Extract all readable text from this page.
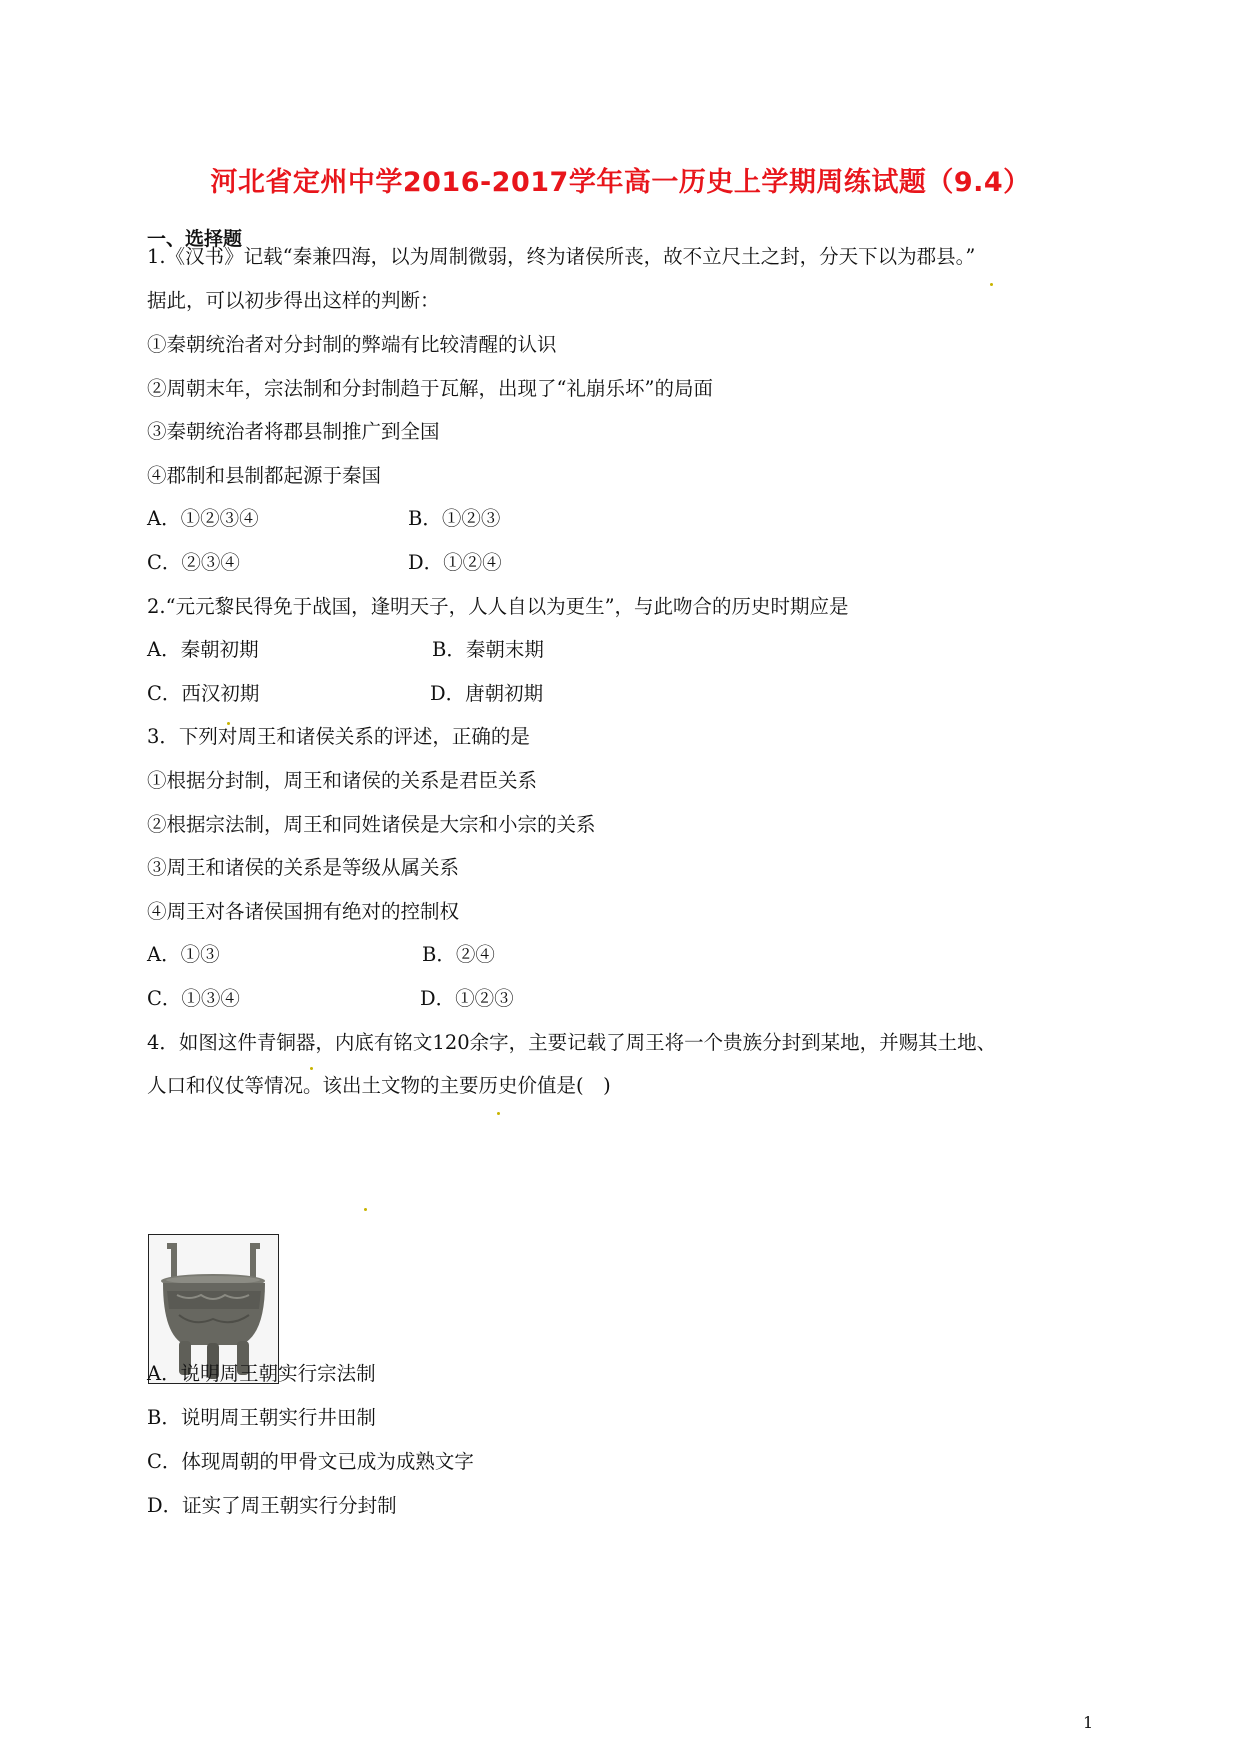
河北省定州中学2016-2017学年高一历史上学期周练试题（9.4）
一、选择题
1.《汉书》记载“秦兼四海，以为周制微弱，终为诸侯所丧，故不立尺土之封，分天下以为郡县。”
据此，可以初步得出这样的判断：
①秦朝统治者对分封制的弊端有比较清醒的认识
②周朝末年，宗法制和分封制趋于瓦解，出现了“礼崩乐坏”的局面
③秦朝统治者将郡县制推广到全国
④郡制和县制都起源于秦国
A．①②③④	B．①②③
C．②③④	D．①②④
2.“元元黎民得免于战国，逢明天子，人人自以为更生”，与此吻合的历史时期应是
A．秦朝初期	B．秦朝末期
C．西汉初期	D．唐朝初期
3．下列对周王和诸侯关系的评述，正确的是
①根据分封制，周王和诸侯的关系是君臣关系
②根据宗法制，周王和同姓诸侯是大宗和小宗的关系
③周王和诸侯的关系是等级从属关系
④周王对各诸侯国拥有绝对的控制权
A．①③	B．②④
C．①③④	D．①②③
4．如图这件青铜器，内底有铭文120余字，主要记载了周王将一个贵族分封到某地，并赐其土地、
人口和仪仗等情况。该出土文物的主要历史价值是(　)
A．说明周王朝实行宗法制
B．说明周王朝实行井田制
C．体现周朝的甲骨文已成为成熟文字
D．证实了周王朝实行分封制
1
